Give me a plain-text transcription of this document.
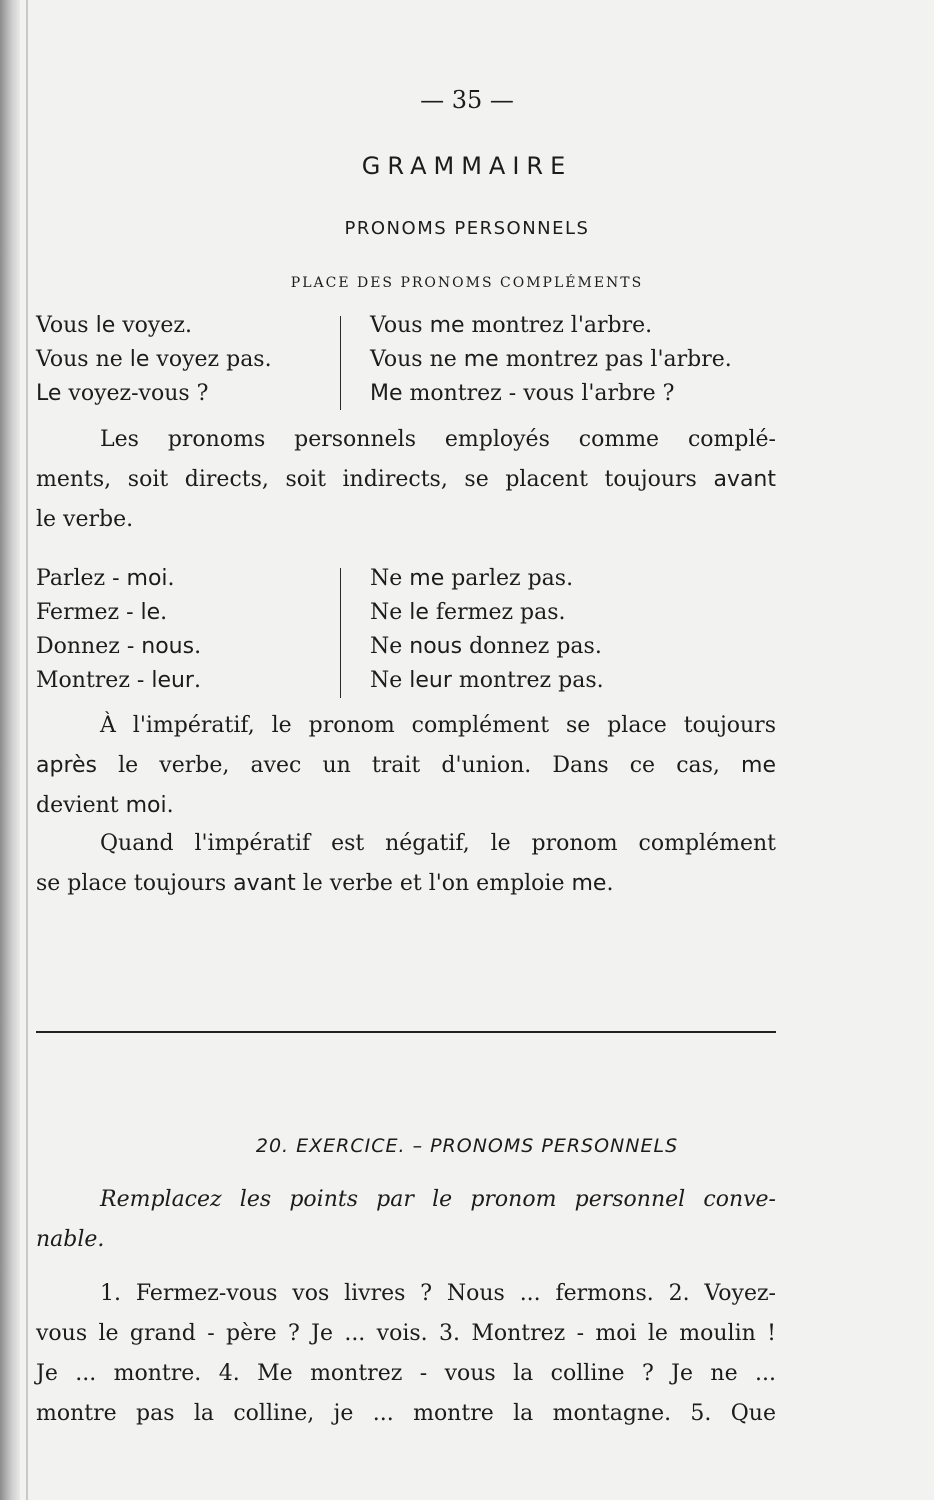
— 35 —
GRAMMAIRE
PRONOMS PERSONNELS
PLACE DES PRONOMS COMPLÉMENTS
Vous le voyez.
Vous ne le voyez pas.
Le voyez-vous ?
Vous me montrez l'arbre.
Vous ne me montrez pas l'arbre.
Me montrez - vous l'arbre ?
Les pronoms personnels employés comme complé-
ments, soit directs, soit indirects, se placent toujours avant
le verbe.
Parlez - moi.
Fermez - le.
Donnez - nous.
Montrez - leur.
Ne me parlez pas.
Ne le fermez pas.
Ne nous donnez pas.
Ne leur montrez pas.
À l'impératif, le pronom complément se place toujours
après le verbe, avec un trait d'union. Dans ce cas, me
devient moi.
Quand l'impératif est négatif, le pronom complément
se place toujours avant le verbe et l'on emploie me.
20. EXERCICE. – PRONOMS PERSONNELS
Remplacez les points par le pronom personnel conve-
nable.
1. Fermez-vous vos livres ? Nous ... fermons. 2. Voyez-
vous le grand - père ? Je ... vois. 3. Montrez - moi le moulin !
Je ... montre. 4. Me montrez - vous la colline ? Je ne ...
montre pas la colline, je ... montre la montagne. 5. Que
